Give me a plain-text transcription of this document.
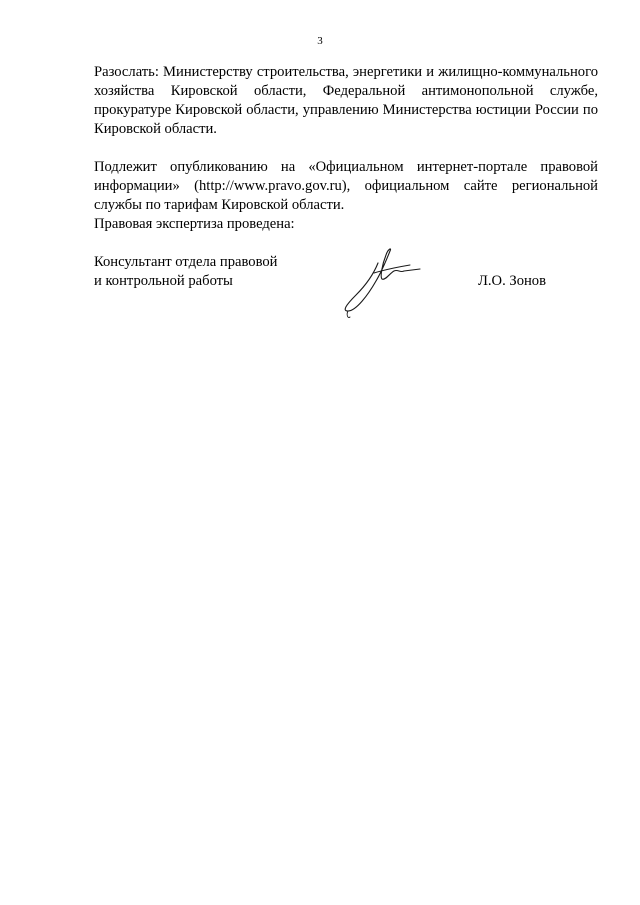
3
Разослать: Министерству строительства, энергетики и жилищно-коммунального хозяйства Кировской области, Федеральной антимонопольной службе, прокуратуре Кировской области, управлению Министерства юстиции России по Кировской области.
Подлежит опубликованию на «Официальном интернет-портале правовой информации» (http://www.pravo.gov.ru), официальном сайте региональной службы по тарифам Кировской области.
Правовая экспертиза проведена:
Консультант отдела правовой
и контрольной работы	Л.О. Зонов
